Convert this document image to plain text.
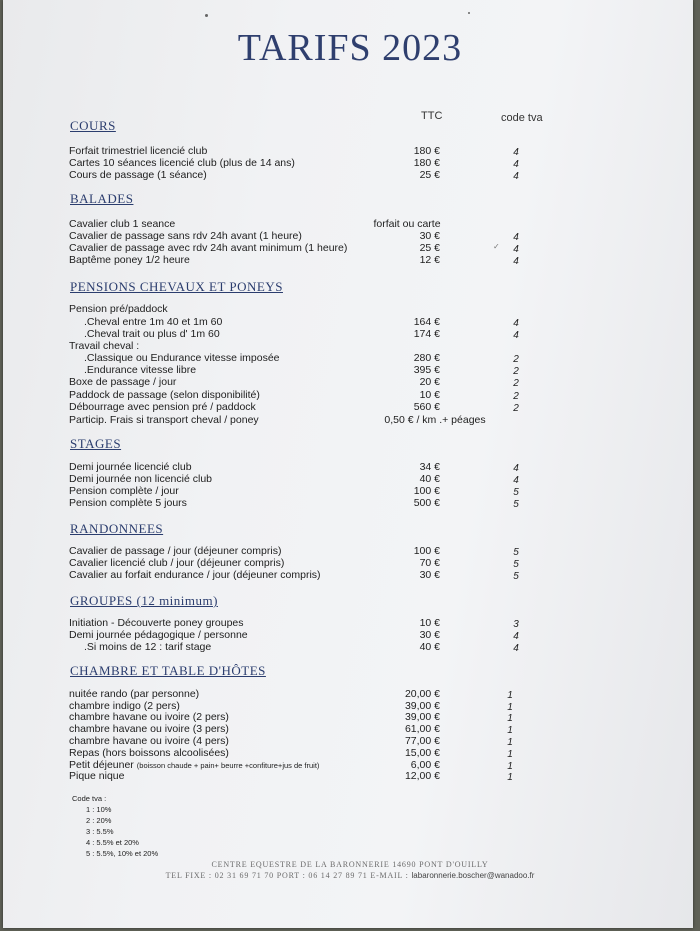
TARIFS 2023
TTC	code tva
COURS
Forfait trimestriel licencié club	180 €	4
Cartes 10 séances licencié club (plus de 14 ans)	180 €	4
Cours de passage (1 séance)	25 €	4
BALADES
Cavalier club 1 seance	forfait ou carte
Cavalier de passage sans rdv 24h avant (1 heure)	30 €	4
Cavalier de passage avec rdv 24h avant minimum (1 heure)	25 €	4
Baptême poney 1/2 heure	12 €	4
PENSIONS CHEVAUX ET PONEYS
Pension pré/paddock
.Cheval entre 1m 40 et 1m 60	164 €	4
.Cheval trait ou plus d' 1m 60	174 €	4
Travail cheval :
.Classique ou Endurance vitesse imposée	280 €	2
.Endurance vitesse libre	395 €	2
Boxe de passage / jour	20 €	2
Paddock de passage (selon disponibilité)	10 €	2
Débourrage avec pension pré / paddock	560 €	2
Particip. Frais si transport cheval / poney	0,50 € / km .+ péages
STAGES
Demi journée licencié club	34 €	4
Demi journée non licencié club	40 €	4
Pension complète / jour	100 €	5
Pension complète 5 jours	500 €	5
RANDONNEES
Cavalier de passage / jour (déjeuner compris)	100 €	5
Cavalier licencié club / jour (déjeuner compris)	70 €	5
Cavalier au forfait endurance / jour (déjeuner compris)	30 €	5
GROUPES (12 minimum)
Initiation - Découverte poney groupes	10 €	3
Demi journée pédagogique / personne	30 €	4
.Si moins de 12 : tarif stage	40 €	4
CHAMBRE ET TABLE D'HÔTES
nuitée rando (par personne)	20,00 €	1
chambre indigo (2 pers)	39,00 €	1
chambre havane ou ivoire (2 pers)	39,00 €	1
chambre havane ou ivoire (3 pers)	61,00 €	1
chambre havane ou ivoire (4 pers)	77,00 €	1
Repas (hors boissons alcoolisées)	15,00 €	1
Petit déjeuner (boisson chaude + pain+ beurre +confiture+jus de fruit)	6,00 €	1
Pique nique	12,00 €	1
✓
Code tva :
1 : 10%
2 : 20%
3 : 5.5%
4 : 5.5% et 20%
5 : 5.5%, 10% et 20%
CENTRE EQUESTRE DE LA BARONNERIE 14690 PONT D'OUILLY
TEL FIXE : 02 31 69 71 70 PORT : 06 14 27 89 71 E-MAIL : labaronnerie.boscher@wanadoo.fr
